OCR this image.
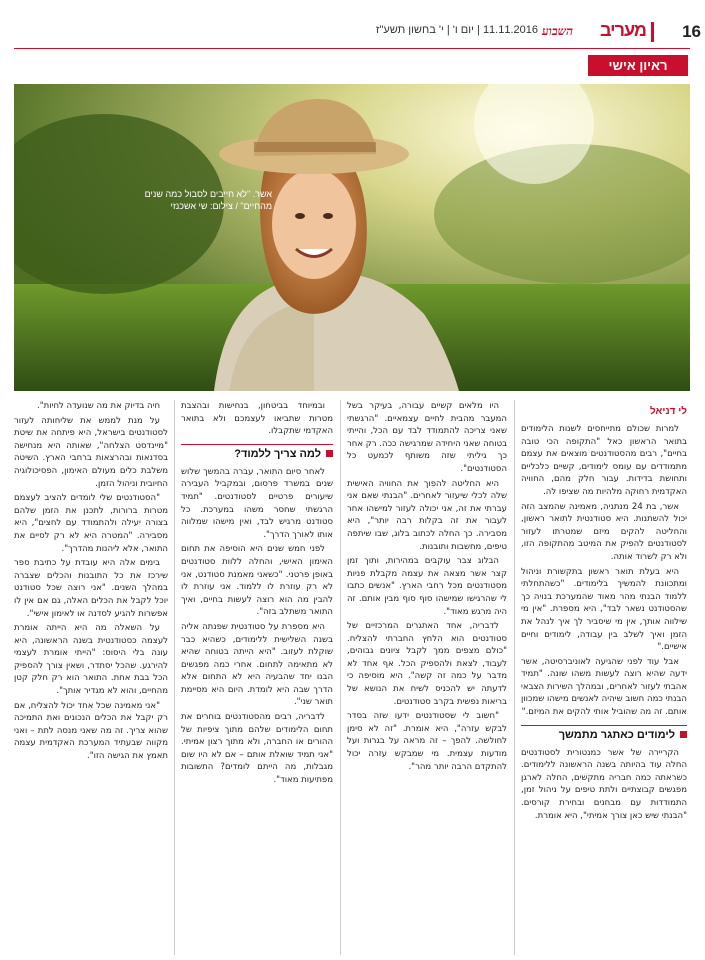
16
מעריב
השבוע
11.11.2016 | יום ו' | י' בחשון תשע"ז
ראיון אישי
אשר. "לא חייבים לסבול כמה שנים מהחיים" / צילום: שי אשכנזי
לי דניאל

למרות שכולם מתייחסים לשנות הלימודים בתואר הראשון כאל "התקופה הכי טובה בחיים", רבים מהסטודנטים מוצאים את עצמם מתמודדים עם עומס לימודים, קשיים כלכליים ותחושת בדידות. עבור חלק מהם, החוויה האקדמית רחוקה מלהיות מה שציפו לה.

אשר, בת 24 מנתניה, מאמינה שהמצב הזה יכול להשתנות. היא סטודנטית לתואר ראשון, והחליטה להקים מיזם שמטרתו לעזור לסטודנטים להפיק את המיטב מהתקופה הזו, ולא רק לשרוד אותה.

היא בעלת תואר ראשון בתקשורת וניהול ומתכוונת להמשיך בלימודים. "כשהתחלתי ללמוד הבנתי מהר מאוד שהמערכת בנויה כך שהסטודנט נשאר לבד", היא מספרת. "אין מי שילווה אותך, אין מי שיסביר לך איך לנהל את הזמן ואיך לשלב בין עבודה, לימודים וחיים אישיים."

אבל עוד לפני שהגיעה לאוניברסיטה, אשר ידעה שהיא רוצה לעשות משהו שונה. "תמיד אהבתי לעזור לאחרים, ובמהלך השירות הצבאי הבנתי כמה חשוב שיהיה לאנשים מישהו שמכוון אותם. זה מה שהוביל אותי להקים את המיזם."

לימודים כאתגר מתמשך

הקריירה של אשר כמנטורית לסטודנטים החלה עוד בהיותה בשנה הראשונה ללימודים. כשראתה כמה חבריה מתקשים, החלה לארגן מפגשים קבוצתיים ולתת טיפים על ניהול זמן, התמודדות עם מבחנים ובחירת קורסים. "הבנתי שיש כאן צורך אמיתי", היא אומרת.

היו מלאים קשיים עבורה, בעיקר בשל המעבר מהבית לחיים עצמאיים. "הרגשתי שאני צריכה להתמודד לבד עם הכל, והייתי בטוחה שאני היחידה שמרגישה ככה. רק אחר כך גיליתי שזה משותף לכמעט כל הסטודנטים".

היא החליטה להפוך את החוויה האישית שלה לכלי שיעזור לאחרים. "הבנתי שאם אני עברתי את זה, אני יכולה לעזור למישהו אחר לעבור את זה בקלות רבה יותר", היא מסבירה. כך החלה לכתוב בלוג, שבו שיתפה טיפים, מחשבות ותובנות.

הבלוג צבר עוקבים במהירות, ותוך זמן קצר אשר מצאה את עצמה מקבלת פניות מסטודנטים מכל רחבי הארץ. "אנשים כתבו לי שהרגישו שמישהו סוף סוף מבין אותם. זה היה מרגש מאוד".

לדבריה, אחד האתגרים המרכזיים של סטודנטים הוא הלחץ החברתי להצליח. "כולם מצפים ממך לקבל ציונים גבוהים, לעבוד, לצאת ולהספיק הכל. אף אחד לא מדבר על כמה זה קשה". היא מוסיפה כי לדעתה יש להכניס לשיח את הנושא של בריאות נפשית בקרב סטודנטים.

"חשוב לי שסטודנטים ידעו שזה בסדר לבקש עזרה", היא אומרת. "זה לא סימן לחולשה. להפך – זה מראה על בגרות ועל מודעות עצמית. מי שמבקש עזרה יכול להתקדם הרבה יותר מהר".

ובמיוחד בביטחון, בנחישות ובהצבת מטרות שתביאו לעצמכם ולא בתואר האקדמי שתקבלו.

למה צריך ללמוד?

לאחר סיום התואר, עברה בהמשך שלוש שנים במשרד פרסום, ובמקביל העבירה שיעורים פרטיים לסטודנטים. "תמיד הרגשתי שחסר משהו במערכת. כל סטודנט מרגיש לבד, ואין מישהו שמלווה אותו לאורך הדרך".

לפני חמש שנים היא הוסיפה את תחום האימון האישי, והחלה ללוות סטודנטים באופן פרטני. "כשאני מאמנת סטודנט, אני לא רק עוזרת לו ללמוד. אני עוזרת לו להבין מה הוא רוצה לעשות בחיים, ואיך התואר משתלב בזה".

היא מספרת על סטודנטית שפנתה אליה בשנה השלישית ללימודים, כשהיא כבר שוקלת לעזוב. "היא הייתה בטוחה שהיא לא מתאימה לתחום. אחרי כמה מפגשים הבנו יחד שהבעיה היא לא התחום אלא הדרך שבה היא לומדת. היום היא מסיימת תואר שני".

לדבריה, רבים מהסטודנטים בוחרים את תחום הלימודים שלהם מתוך ציפיות של ההורים או החברה, ולא מתוך רצון אמיתי. "אני תמיד שואלת אותם – אם לא היו שום מגבלות, מה הייתם לומדים? התשובות מפתיעות מאוד".

חיה בדיוק את מה שנועדה לחיות".

על מנת לממש את שליחותה לעזור לסטודנטים בישראל, היא פיתחה את שיטת "מיינדסט הצלחה", שאותה היא מנחישה בסדנאות ובהרצאות ברחבי הארץ. השיטה משלבת כלים מעולם האימון, הפסיכולוגיה החיובית וניהול הזמן.

"הסטודנטים שלי לומדים להציב לעצמם מטרות ברורות, לתכנן את הזמן שלהם בצורה יעילה ולהתמודד עם לחצים", היא מסבירה. "המטרה היא לא רק לסיים את התואר, אלא ליהנות מהדרך".

בימים אלה היא עובדת על כתיבת ספר שירכז את כל התובנות והכלים שצברה במהלך השנים. "אני רוצה שכל סטודנט יוכל לקבל את הכלים האלה, גם אם אין לו אפשרות להגיע לסדנה או לאימון אישי".

על השאלה מה היא הייתה אומרת לעצמה כסטודנטית בשנה הראשונה, היא עונה בלי היסוס: "הייתי אומרת לעצמי להירגע. שהכל יסתדר, ושאין צורך להספיק הכל בבת אחת. התואר הוא רק חלק קטן מהחיים, והוא לא מגדיר אותך".

"אני מאמינה שכל אחד יכול להצליח, אם רק יקבל את הכלים הנכונים ואת התמיכה שהוא צריך. זה מה שאני מנסה לתת – ואני מקווה שבעתיד המערכת האקדמית עצמה תאמץ את הגישה הזו".
